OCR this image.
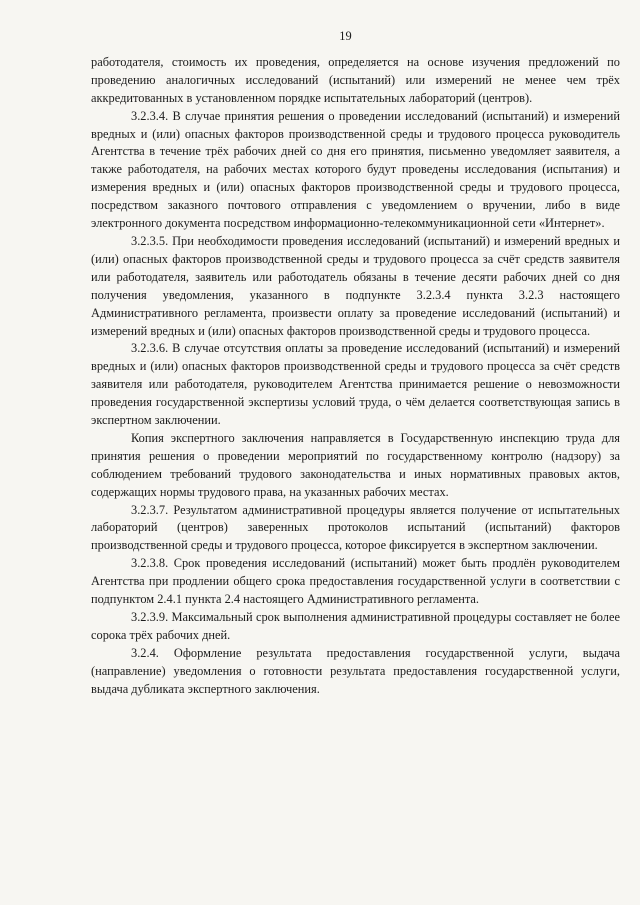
19

работодателя, стоимость их проведения, определяется на основе изучения предложений по проведению аналогичных исследований (испытаний) или измерений не менее чем трёх аккредитованных в установленном порядке испытательных лабораторий (центров).

3.2.3.4. В случае принятия решения о проведении исследований (испытаний) и измерений вредных и (или) опасных факторов производственной среды и трудового процесса руководитель Агентства в течение трёх рабочих дней со дня его принятия, письменно уведомляет заявителя, а также работодателя, на рабочих местах которого будут проведены исследования (испытания) и измерения вредных и (или) опасных факторов производственной среды и трудового процесса, посредством заказного почтового отправления с уведомлением о вручении, либо в виде электронного документа посредством информационно-телекоммуникационной сети «Интернет».

3.2.3.5. При необходимости проведения исследований (испытаний) и измерений вредных и (или) опасных факторов производственной среды и трудового процесса за счёт средств заявителя или работодателя, заявитель или работодатель обязаны в течение десяти рабочих дней со дня получения уведомления, указанного в подпункте 3.2.3.4 пункта 3.2.3 настоящего Административного регламента, произвести оплату за проведение исследований (испытаний) и измерений вредных и (или) опасных факторов производственной среды и трудового процесса.

3.2.3.6. В случае отсутствия оплаты за проведение исследований (испытаний) и измерений вредных и (или) опасных факторов производственной среды и трудового процесса за счёт средств заявителя или работодателя, руководителем Агентства принимается решение о невозможности проведения государственной экспертизы условий труда, о чём делается соответствующая запись в экспертном заключении.

Копия экспертного заключения направляется в Государственную инспекцию труда для принятия решения о проведении мероприятий по государственному контролю (надзору) за соблюдением требований трудового законодательства и иных нормативных правовых актов, содержащих нормы трудового права, на указанных рабочих местах.

3.2.3.7. Результатом административной процедуры является получение от испытательных лабораторий (центров) заверенных протоколов испытаний (испытаний) факторов производственной среды и трудового процесса, которое фиксируется в экспертном заключении.

3.2.3.8. Срок проведения исследований (испытаний) может быть продлён руководителем Агентства при продлении общего срока предоставления государственной услуги в соответствии с подпунктом 2.4.1 пункта 2.4 настоящего Административного регламента.

3.2.3.9. Максимальный срок выполнения административной процедуры составляет не более сорока трёх рабочих дней.

3.2.4. Оформление результата предоставления государственной услуги, выдача (направление) уведомления о готовности результата предоставления государственной услуги, выдача дубликата экспертного заключения.
